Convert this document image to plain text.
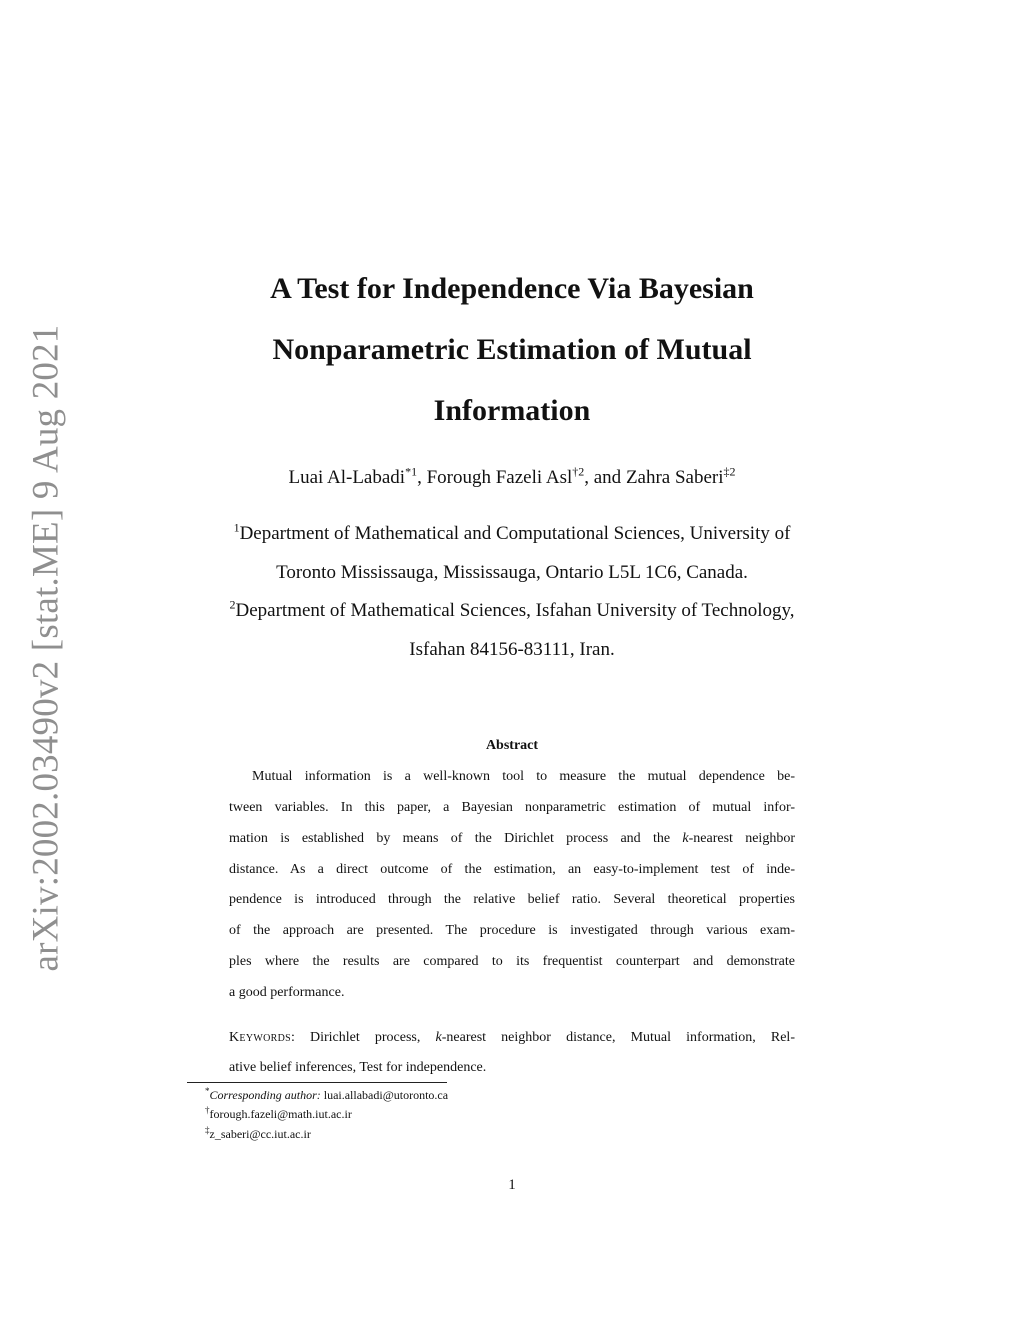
arXiv:2002.03490v2 [stat.ME] 9 Aug 2021
A Test for Independence Via Bayesian
Nonparametric Estimation of Mutual
Information
Luai Al-Labadi$^{*1}$, Forough Fazeli Asl$^{\dagger 2}$, and Zahra Saberi$^{\ddagger 2}$
$^1$Department of Mathematical and Computational Sciences, University of
Toronto Mississauga, Mississauga, Ontario L5L 1C6, Canada.
$^2$Department of Mathematical Sciences, Isfahan University of Technology,
Isfahan 84156-83111, Iran.
Abstract
Mutual information is a well-known tool to measure the mutual dependence be-
tween variables. In this paper, a Bayesian nonparametric estimation of mutual infor-
mation is established by means of the Dirichlet process and the k-nearest neighbor
distance. As a direct outcome of the estimation, an easy-to-implement test of inde-
pendence is introduced through the relative belief ratio. Several theoretical properties
of the approach are presented. The procedure is investigated through various exam-
ples where the results are compared to its frequentist counterpart and demonstrate
a good performance.
Keywords: Dirichlet process, k-nearest neighbor distance, Mutual information, Rel-
ative belief inferences, Test for independence.
*Corresponding author: luai.allabadi@utoronto.ca
†forough.fazeli@math.iut.ac.ir
‡z_saberi@cc.iut.ac.ir
1
